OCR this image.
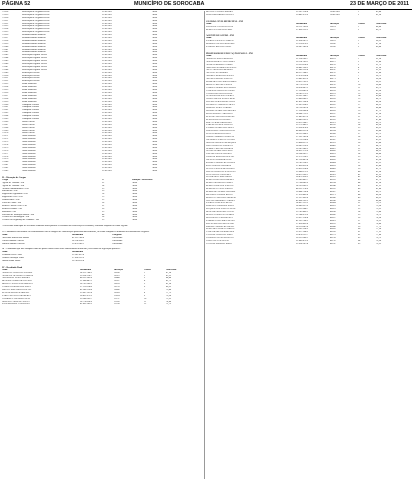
PÁGINA 52	MUNICÍPIO DE SOROCABA	23 DE MARÇO DE 2011
7/2528	Renovação de Registro Precos	21/03/2011	Ativo
7/2529	Renovação de Registro Precos	21/03/2011	Ativo
7/2530	Renovação de Registro Precos	21/03/2011	Ativo
7/2531	Renovação de Registro Precos	21/03/2011	Ativo
7/2532	Renovação de Registro Precos	21/03/2011	Ativo
7/2533	Renovação de Registro Precos	21/03/2011	Ativo
7/2534	Renovação de Registro Precos	21/03/2011	Ativo
7/2535	Renovação de Registro Precos	21/03/2011	Ativo
7/2536	Reabastecimento Material	21/03/2011	Ativo
7/2537	Reabastecimento Material	21/03/2011	Ativo
7/2538	Reabastecimento Material	21/03/2011	Ativo
7/2539	Reabastecimento Material	21/03/2011	Ativo
7/2540	Reabastecimento Material	21/03/2011	Ativo
7/2541	Reabastecimento Material	21/03/2011	Ativo
7/2542	Reabastecimento Material	21/03/2011	Ativo
7/2543	Renovação Registro Precos	21/03/2011	Ativo
7/2544	Renovação Registro Precos	21/03/2011	Ativo
7/2545	Renovação Registro Precos	21/03/2011	Ativo
7/2546	Renovação Registro Precos	21/03/2011	Ativo
7/2547	Renovação Registro Precos	21/03/2011	Ativo
7/2548	Renovação Registro Precos	21/03/2011	Ativo
7/2549	Medicação Diversa	21/03/2011	Ativo
7/2550	Medicação Diversa	21/03/2011	Ativo
7/2551	Medicação Diversa	21/03/2011	Ativo
7/2552	Medicação Diversa	21/03/2011	Ativo
7/2553	Saúde Materiais	21/03/2011	Ativo
7/2554	Saúde Materiais	21/03/2011	Ativo
7/2555	Saúde Materiais	21/03/2011	Ativo
7/2556	Saúde Materiais	21/03/2011	Ativo
7/2557	Saúde Materiais	21/03/2011	Ativo
7/2558	Saúde Materiais	21/03/2011	Ativo
7/2559	Saúde Materiais	21/03/2011	Ativo
7/2560	Transporte Escolar	21/03/2011	Ativo
7/2561	Transporte Escolar	21/03/2011	Ativo
7/2562	Transporte Escolar	21/03/2011	Ativo
7/2563	Transporte Escolar	21/03/2011	Ativo
7/2564	Transporte Escolar	21/03/2011	Ativo
7/2565	Transporte Escolar	21/03/2011	Ativo
7/2566	Diário Oficial	21/03/2011	Ativo
7/2567	Diário Oficial	21/03/2011	Ativo
7/2568	Diário Oficial	21/03/2011	Ativo
7/2569	Diário Oficial	21/03/2011	Ativo
7/2570	Diário Oficial	21/03/2011	Ativo
7/2571	Obras Públicas	21/03/2011	Ativo
7/2572	Obras Públicas	21/03/2011	Ativo
7/2573	Obras Públicas	21/03/2011	Ativo
7/2574	Obras Públicas	21/03/2011	Ativo
7/2575	Obras Públicas	21/03/2011	Ativo
7/2576	Obras Públicas	21/03/2011	Ativo
7/2577	Obras Públicas	21/03/2011	Ativo
7/2578	Obras Públicas	21/03/2011	Ativo
7/2579	Obras Públicas	21/03/2011	Ativo
7/2580	Obras Públicas	21/03/2011	Ativo
7/2581	Obras Públicas	21/03/2011	Ativo
7/2582	Obras Públicas	21/03/2011	Ativo
7/2583	Obras Públicas	21/03/2011	Ativo
II - Alteração de Cargos
Cargo	Nº	Situação / Referência
Agente de Trânsito - PM	32	Ativo
Agente de Trânsito - PM	24	Ativo
Auxiliar Administrativo - PM	35	Ativo
Enfermeiro - PM	29	Ativo
Engenheiro Agrônomo - PM	18	Ativo
Engenheiro Civil - PM	15	Ativo
Farmacêutico - PM	23	Ativo
Fiscal de Obras - PM	28	Ativo
Médico Clínico Geral - PM	22	Ativo
Médico Pediatra - PM	36	Ativo
Motorista - PM	35	Ativo
Professor de Educação Básica - PM	48	Ativo
Técnico de Enfermagem - PM	28	Ativo
Técnico em Segurança do Trabalho - PM	25	Ativo
A Secretaria Municipal de Recursos Humanos torna público o resultado das convocações realizadas, conforme disposto no edital vigente.
II - Candidatos convocados em conformidade com a listagem de classificação publicada anteriormente, devendo comparecer munidos dos documentos exigidos.
Nome	Documento	Categoria
Ana Paula Ribeiro dos Santos	41.523.789-0	Convocado
Carlos Eduardo Ferreira	38.114.206-5	Convocado
Daniela Martins Oliveira	29.876.543-1	Convocado
III - Candidatos que não compareceram no prazo estabelecido serão considerados desistentes, nos termos da legislação aplicável.
Nome	Documento
Fernanda Alves Costa	33.201.457-8
Gustavo Henrique Lima	27.654.321-9
Juliana Prado Souza	36.789.012-4
IV - Resultado Final
Nome	Documento	Inscrição	Classif.	Nota Final
ADRIANA CRISTINA SOARES	34.512.780-2	10245	1	87,50
ALINE DE OLIVEIRA CAMPOS	29.334.118-7	10312	2	85,25
ANDERSON LUIZ PEREIRA	40.221.903-6	10408	3	84,00
BEATRIZ GOMES MACHADO	31.908.447-1	10511	4	82,75
BRUNO CESAR NASCIMENTO	38.765.209-3	10633	5	81,50
CAMILA RODRIGUES SILVA	27.113.654-8	10729	6	80,25
DIEGO FERNANDES ROCHA	42.380.116-4	10842	7	79,00
ELAINE MARIA BARBOSA	35.667.291-0	10918	8	77,75
FABIO AUGUSTO MOREIRA	30.451.872-5	11024	9	76,50
GABRIELA TEIXEIRA DIAS	39.208.563-7	11137	10	75,25
HELENA CARDOSO PINTO	28.774.630-9	11245	11	74,00
IGOR MENDES CARVALHO	41.092.385-2	11358	12	72,75
RITA DE CASSIA PEREIRA	33.567.210-4	10/03/2011	1	85,00
WILLIAM RIBEIRO SOUZA	29.441.873-6	10/03/2011	2	82,50
GUARDA CIVIL MUNICIPAL - PM
Nome	Documento	Inscrição	Classif.	Nota Final
FRANCISCO DOS SANTOS	30.112.745-8	20114	1	88,00
MARCOS VINICIUS LIMA	37.890.123-5	20227	2	86,75
AGENTE DE SAÚDE - PM
Nome	Documento	Inscrição	Classif.	Nota Final
PATRICIA SOUZA CAMPOS	32.654.987-1	30118	1	90,25
ROBERTO ALVES MARTINS	35.210.876-3	30242	2	87,50
SANDRA REGINA FARIA	28.987.345-0	30356	3	86,00
PROFESSOR DE EDUCAÇÃO BÁSICA - PM
Nome	Documento	Inscrição	Classif.	Nota Final
ADRIANA SILVA MORAES	31.224.509-7	40101	1	92,50
ALESSANDRA COSTA LIMA	36.118.742-3	40115	2	92,00
ALINE FERREIRA GOMES	29.553.018-6	40129	3	91,75
AMANDA RODRIGUES PAIVA	38.441.296-2	40133	4	91,50
ANA CAROLINA MENDES	27.906.125-8	40147	5	91,25
ANA LUCIA PEREIRA	40.317.584-1	40152	6	91,00
ANDREA MARTINS SOUZA	33.678.920-4	40166	7	90,75
ANGELA MARIA SANTOS	25.882.431-9	40171	8	90,50
BARBARA OLIVEIRA RAMOS	39.025.763-5	40185	9	90,25
BRUNA CRISTINA ALVES	34.770.215-0	40192	10	90,00
CAMILA APARECIDA NUNES	30.614.887-2	40204	11	89,75
CAROLINA BATISTA LOPES	37.259.041-6	40218	12	89,50
CASSIA REGINA DUARTE	28.143.572-3	40223	13	89,25
CLAUDIA HELENA VIEIRA	26.591.308-7	40237	14	89,00
CRISTIANE DE SOUZA REIS	35.806.649-1	40241	15	88,75
DAIANE FERNANDES CRUZ	41.432.190-8	40256	16	88,50
DANIELA CAMARGO SILVA	32.967.054-5	40262	17	88,25
DEBORA LUIZA TORRES	38.720.381-0	40279	18	88,00
DENISE APARECIDA MOURA	27.358.906-4	40283	19	87,75
EDNA MARIA CARVALHO	24.604.713-2	40297	20	87,50
ELIANE CRISTINA BORGES	31.885.427-9	40302	21	87,25
ELISANGELA DOS REIS	36.049.562-3	40316	22	87,00
ERICA VIEIRA MENEZES	39.613.208-7	40321	23	86,75
FABIANA LOPES ARAUJO	33.172.845-1	40335	24	86,50
FATIMA APARECIDA SILVA	25.938.470-6	40349	25	86,25
FERNANDA CRISTINA DIAS	40.806.931-8	40354	26	86,00
FLAVIA MORAES PINTO	34.251.608-2	40368	27	85,75
GISELE ALMEIDA FREITAS	37.592.183-4	40373	28	85,50
GRAZIELA SANTOS CUNHA	29.716.354-0	40387	29	85,25
HELOISA REGINA MARQUES	35.468.027-5	40391	30	85,00
IARA CRISTINA FONSECA	30.985.216-9	40405	31	84,75
ISABEL CRISTINA RAMOS	26.207.649-3	40412	32	84,50
IVONE APARECIDA LEITE	24.831.572-6	40426	33	84,25
JANAINA SOUZA PRADO	38.364.901-7	40431	34	84,00
JOSIANE MARTINS ROCHA	32.579.130-1	40445	35	83,75
JULIANA FERREIRA LUZ	41.120.487-4	40459	36	83,50
KARINA APARECIDA SALES	36.703.258-2	40464	37	83,25
KATIA REGINA BARROS	27.496.835-8	40478	38	83,00
LETICIA ALVES MONTEIRO	39.852.614-0	40483	39	82,75
LILIAN CRISTINA SANTANA	33.640.972-5	40497	40	82,50
LUCIANA DE OLIVEIRA	28.015.369-1	40501	41	82,25
LUCIMARA FERNANDES	30.472.856-3	40515	42	82,00
MARCIA REGINA PEREIRA	25.309.481-7	40529	43	81,75
MARIA APARECIDA LIMA	23.768.042-9	40534	44	81,50
MARIA JOSE DOS SANTOS	24.195.603-2	40548	45	81,25
MARIANA COSTA FARIAS	40.531.278-6	40552	46	81,00
MARLENE APARECIDA REIS	26.884.730-4	40567	47	80,75
MICHELE SOARES BRITO	37.916.405-8	40571	48	80,50
MONICA CRISTINA AMARAL	31.357.862-0	40586	49	80,25
NATALIA RIBEIRO CORREA	42.068.193-5	40590	50	80,00
PATRICIA HELENA MOTA	34.897.521-3	40604	51	79,75
PRISCILA ANDRADE SILVA	38.642.057-9	40619	52	79,50
RAQUEL DOS SANTOS LEAL	29.231.684-7	40623	53	79,25
REGIANE MARTINS COSTA	35.783.409-1	40638	54	79,00
RENATA CRISTINA GOMES	32.104.875-6	40642	55	78,75
ROSANGELA APARECIDA	25.627.318-4	40657	56	78,50
SABRINA OLIVEIRA NEVES	41.395.760-2	40661	57	78,25
SILVIA REGINA MACHADO	27.850.493-8	40676	58	78,00
SIMONE APARECIDA ROSA	30.219.647-0	40680	59	77,75
SUELI DE FATIMA CAMPOS	24.563.128-5	40695	60	77,50
TANIA MARIA RODRIGUES	23.917.264-3	40709	61	77,25
TATIANE CRISTINA LIMA	39.478.531-7	40713	62	77,00
VANESSA ALVES PEIXOTO	36.325.986-1	40728	63	76,75
VERA LUCIA SANTOS	22.806.472-9	40732	64	76,50
VIVIANE PEREIRA MELO	33.954.207-4	40747	65	76,25
